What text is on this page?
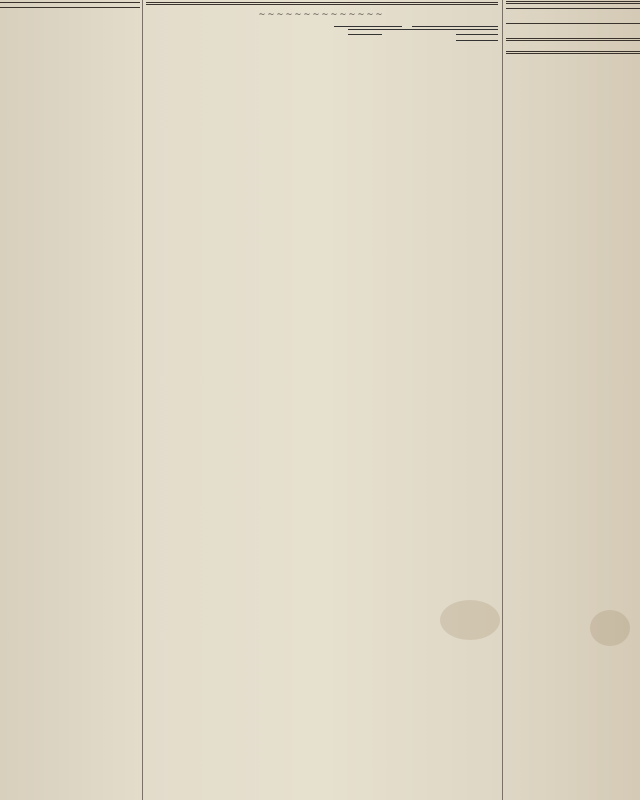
⁓⁓⁓⁓⁓⁓⁓⁓⁓⁓⁓⁓⁓⁓
